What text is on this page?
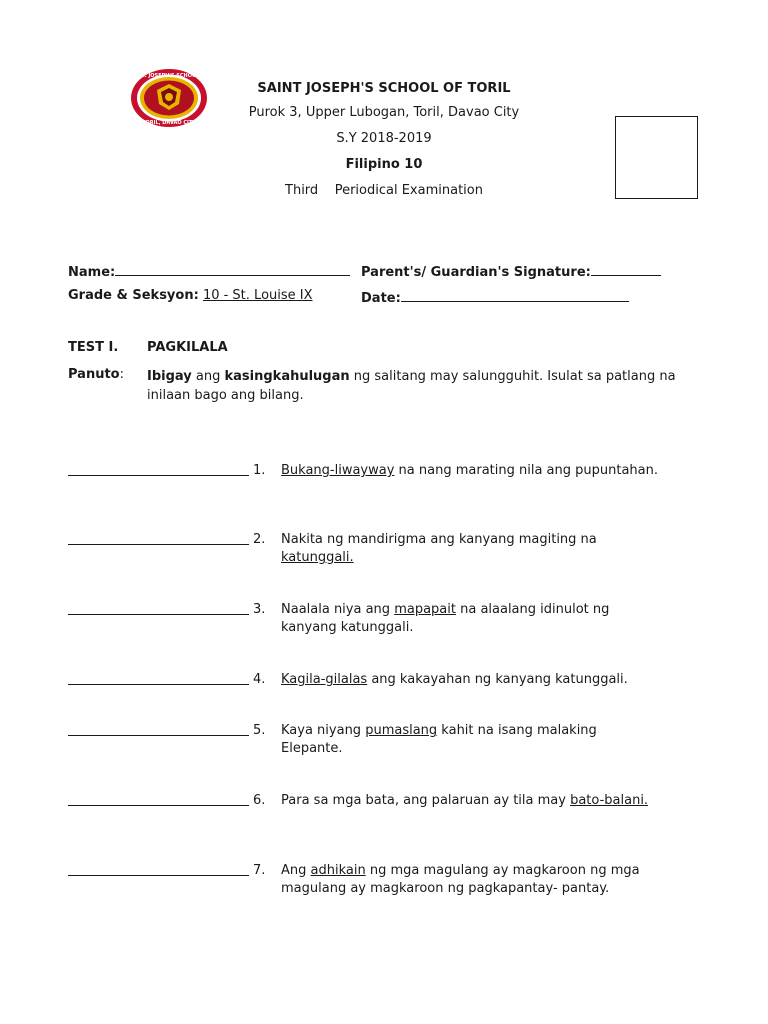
ST. JOSEPH'S SCHOOL
TORIL, DAVAO CITY
SAINT JOSEPH'S SCHOOL OF TORIL
Purok 3, Upper Lubogan, Toril, Davao City
S.Y 2018-2019
Filipino 10
Third    Periodical Examination
Name:	Parent's/ Guardian's Signature:
Grade & Seksyon: 10 - St. Louise IX	Date:
TEST I. PAGKILALA
Panuto: Ibigay ang kasingkahulugan ng salitang may salungguhit. Isulat sa patlang na inilaan bago ang bilang.
1. Bukang-liwayway na nang marating nila ang pupuntahan.
2. Nakita ng mandirigma ang kanyang magiting na katunggali.
3. Naalala niya ang mapapait na alaalang idinulot ng kanyang katunggali.
4. Kagila-gilalas ang kakayahan ng kanyang katunggali.
5. Kaya niyang pumaslang kahit na isang malaking Elepante.
6. Para sa mga bata, ang palaruan ay tila may bato-balani.
7. Ang adhikain ng mga magulang ay magkaroon ng mga magulang ay magkaroon ng pagkapantay- pantay.
